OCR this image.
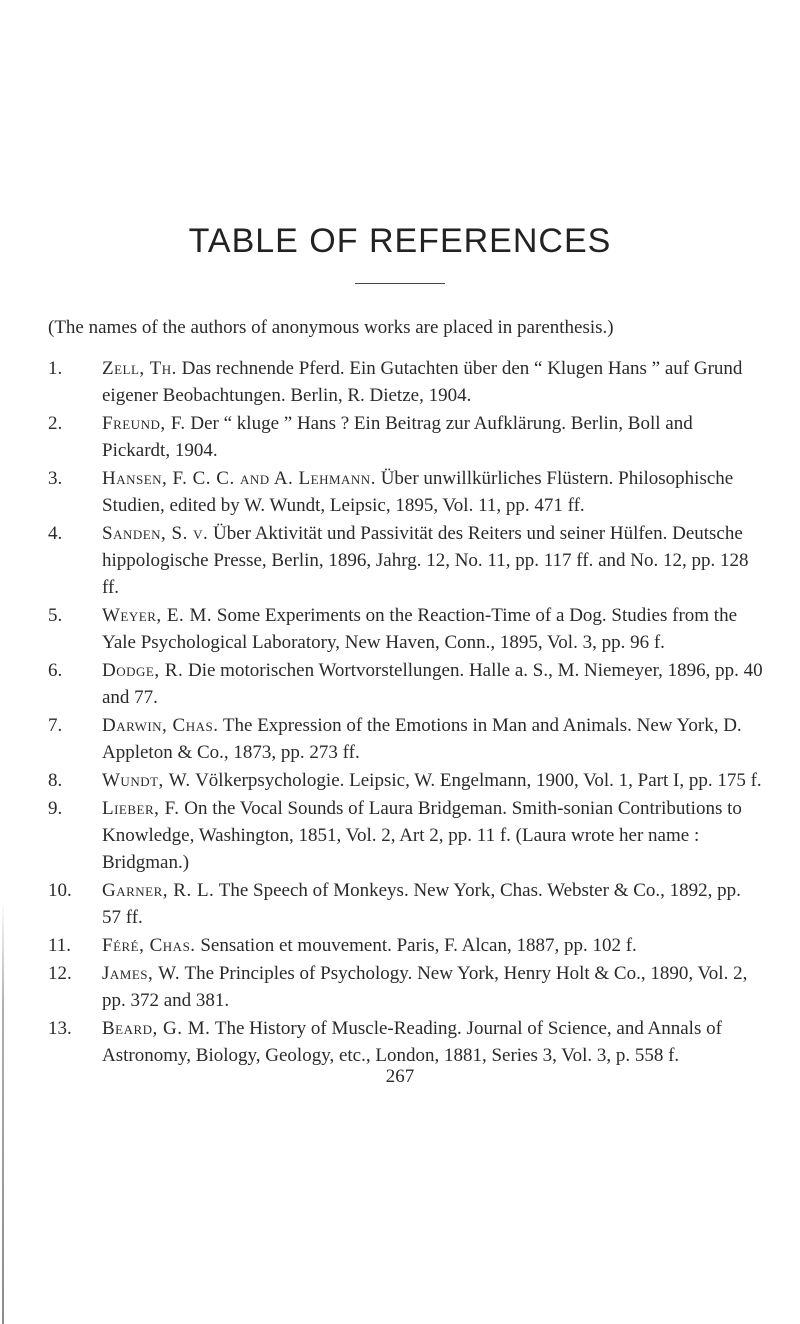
TABLE OF REFERENCES

(The names of the authors of anonymous works are placed in parenthesis.)

1.	Zell, Th. Das rechnende Pferd. Ein Gutachten über den “ Klugen Hans ” auf Grund eigener Beobachtungen. Berlin, R. Dietze, 1904.
2.	Freund, F. Der “ kluge ” Hans ? Ein Beitrag zur Aufklärung. Berlin, Boll and Pickardt, 1904.
3.	Hansen, F. C. C. and A. Lehmann. Über unwillkürliches Flüstern. Philosophische Studien, edited by W. Wundt, Leipsic, 1895, Vol. 11, pp. 471 ff.
4.	Sanden, S. v. Über Aktivität und Passivität des Reiters und seiner Hülfen. Deutsche hippologische Presse, Berlin, 1896, Jahrg. 12, No. 11, pp. 117 ff. and No. 12, pp. 128 ff.
5.	Weyer, E. M. Some Experiments on the Reaction-Time of a Dog. Studies from the Yale Psychological Laboratory, New Haven, Conn., 1895, Vol. 3, pp. 96 f.
6.	Dodge, R. Die motorischen Wortvorstellungen. Halle a. S., M. Niemeyer, 1896, pp. 40 and 77.
7.	Darwin, Chas. The Expression of the Emotions in Man and Animals. New York, D. Appleton & Co., 1873, pp. 273 ff.
8.	Wundt, W. Völkerpsychologie. Leipsic, W. Engelmann, 1900, Vol. 1, Part I, pp. 175 f.
9.	Lieber, F. On the Vocal Sounds of Laura Bridgeman. Smith-sonian Contributions to Knowledge, Washington, 1851, Vol. 2, Art 2, pp. 11 f. (Laura wrote her name : Bridgman.)
10.	Garner, R. L. The Speech of Monkeys. New York, Chas. Webster & Co., 1892, pp. 57 ff.
11.	Féré, Chas. Sensation et mouvement. Paris, F. Alcan, 1887, pp. 102 f.
12.	James, W. The Principles of Psychology. New York, Henry Holt & Co., 1890, Vol. 2, pp. 372 and 381.
13.	Beard, G. M. The History of Muscle-Reading. Journal of Science, and Annals of Astronomy, Biology, Geology, etc., London, 1881, Series 3, Vol. 3, p. 558 f.
267
